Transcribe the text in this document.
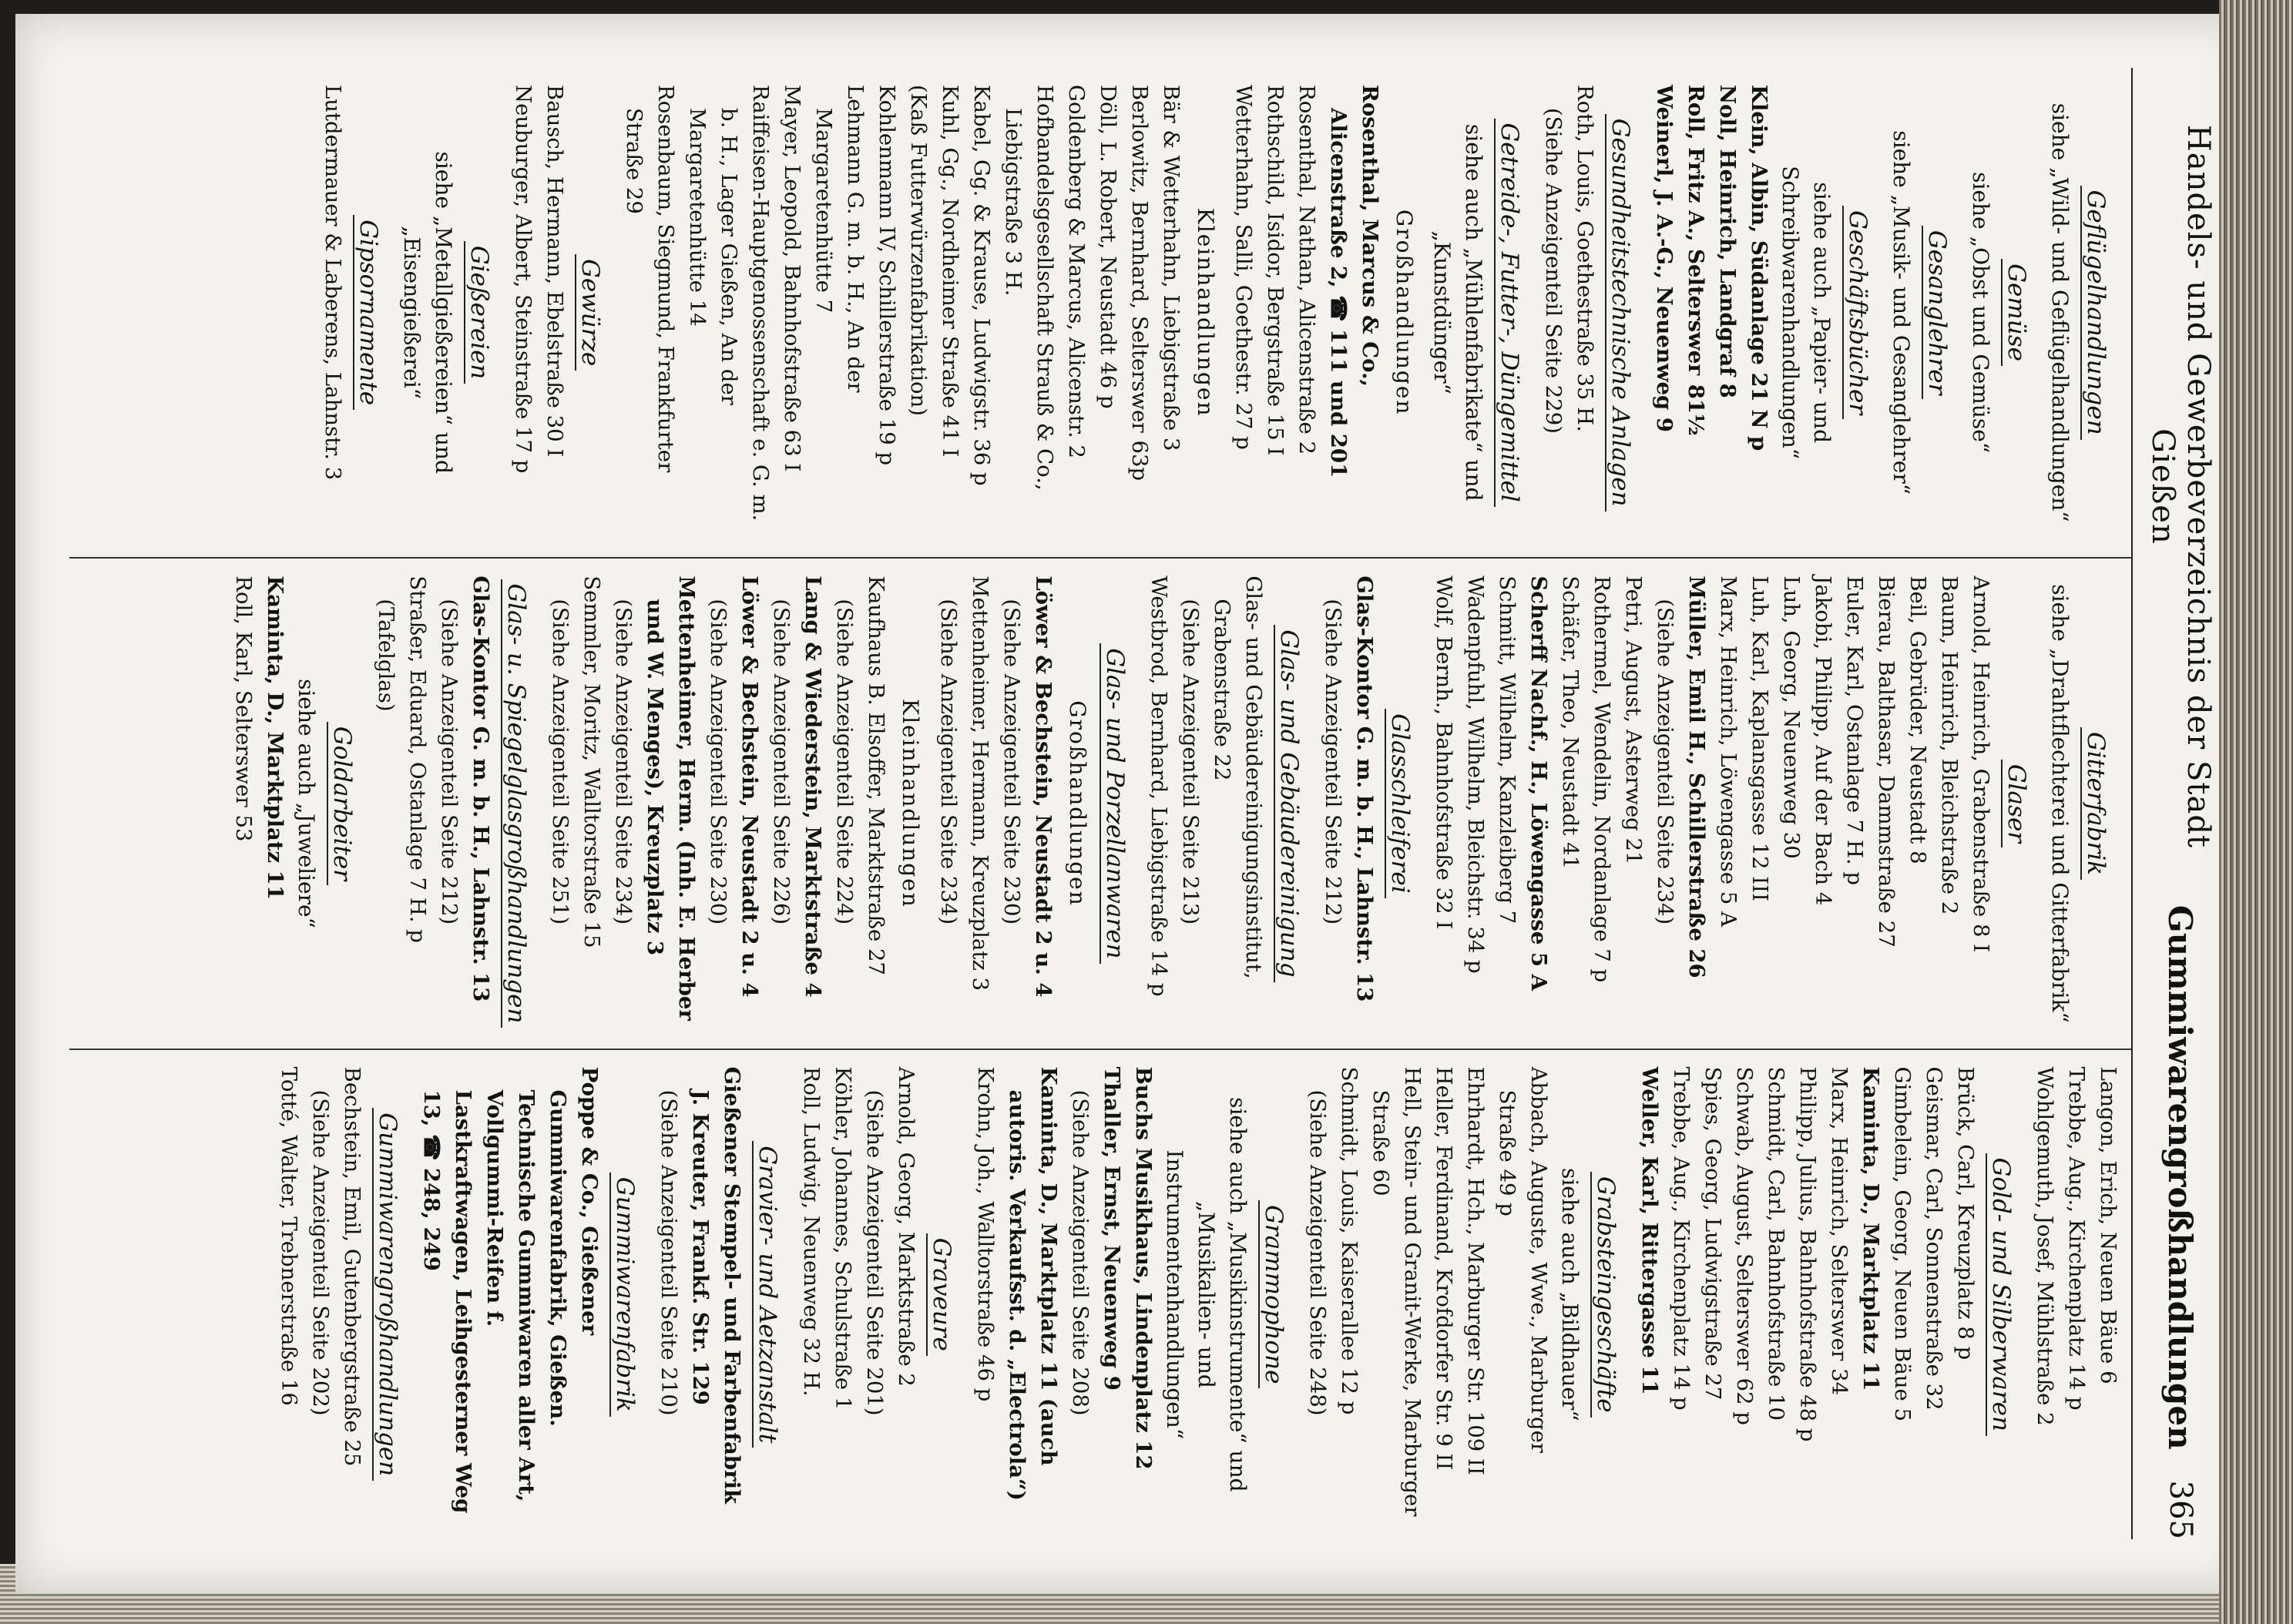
Handels- und Gewerbeverzeichnis der Stadt Gießen
Gummiwarengroßhandlungen
365
Geflügelhandlungen
siehe „Wild- und Geflügelhandlungen“
Gemüse
siehe „Obst und Gemüse“
Gesanglehrer
siehe „Musik- und Gesanglehrer“
Geschäftsbücher
siehe auch „Papier- und Schreibwarenhandlungen“
Klein, Albin, Südanlage 21 N p
Noll, Heinrich, Landgraf 8
Roll, Fritz A., Selterswег 81½
Weinerl, J. A.-G., Neuenweg 9
Gesundheitstechnische Anlagen
Roth, Louis, Goethestraße 35 H.
(Siehe Anzeigenteil Seite 229)
Getreide-, Futter-, Düngemittel
siehe auch „Mühlenfabrikate“ und „Kunstdünger“
Großhandlungen
Rosenthal, Marcus & Co., Alicenstraße 2, ☎ 111 und 201
Rosenthal, Nathan, Alicenstraße 2
Rothschild, Isidor, Bergstraße 15 I
Wetterhahn, Salli, Goethestr. 27 p
Kleinhandlungen
Bär & Wetterhahn, Liebigstraße 3
Berlowitz, Bernhard, Selterswег 63p
Döll, L. Robert, Neustadt 46 p
Goldenberg & Marcus, Alicenstr. 2
Hofbandelsgesellschaft Strauß & Co., Liebigstraße 3 H.
Kabel, Gg. & Krause, Ludwigstr. 36 p
Kuhl, Gg., Nordheimer Straße 41 I
(Kaß Futterwürzenfabrikation)
Kohlenmann IV, Schillerstraße 19 p
Lehmann G. m. b. H., An der Margaretenhütte 7
Mayer, Leopold, Bahnhofstraße 63 I
Raiffeisen-Hauptgenossenschaft e. G. m. b. H., Lager Gießen, An der Margaretenhütte 14
Rosenbaum, Siegmund, Frankfurter Straße 29
Gewürze
Bausch, Hermann, Ebelstraße 30 I
Neuburger, Albert, Steinstraße 17 p
Gießereien
siehe „Metallgießereien“ und „Eisengießerei“
Gipsornamente
Lutdermauer & Laberens, Lahnstr. 3
Gitterfabrik
siehe „Drahtflechterei und Gitterfabrik“
Glaser
Arnold, Heinrich, Grabenstraße 8 I
Baum, Heinrich, Bleichstraße 2
Beil, Gebrüder, Neustadt 8
Bierau, Balthasar, Dammstraße 27
Euler, Karl, Ostanlage 7 H. p
Jakobi, Philipp, Auf der Bach 4
Luh, Georg, Neuenweg 30
Luh, Karl, Kaplansgasse 12 III
Marx, Heinrich, Löwengasse 5 A
Müller, Emil H., Schillerstraße 26
(Siehe Anzeigenteil Seite 234)
Petri, August, Asterweg 21
Rothermel, Wendelin, Nordanlage 7 p
Schäfer, Theo, Neustadt 41
Scherff Nachf., H., Löwengasse 5 A
Schmitt, Wilhelm, Kanzleiberg 7
Wadenpfuhl, Wilhelm, Bleichstr. 34 p
Wolf, Bernh., Bahnhofstraße 32 I
Glasschleiferei
Glas-Kontor G. m. b. H., Lahnstr. 13
(Siehe Anzeigenteil Seite 212)
Glas- und Gebäudereinigung
Glas- und Gebäudereinigungsinstitut, Grabenstraße 22
(Siehe Anzeigenteil Seite 213)
Westbrod, Bernhard, Liebigstraße 14 p
Glas- und Porzellanwaren
Großhandlungen
Löwer & Bechstein, Neustadt 2 u. 4
(Siehe Anzeigenteil Seite 230)
Mettenheimer, Hermann, Kreuzplatz 3
(Siehe Anzeigenteil Seite 234)
Kleinhandlungen
Kaufhaus B. Elsoffer, Marktstraße 27
(Siehe Anzeigenteil Seite 224)
Lang & Wiederstein, Marktstraße 4
(Siehe Anzeigenteil Seite 226)
Löwer & Bechstein, Neustadt 2 u. 4
(Siehe Anzeigenteil Seite 230)
Mettenheimer, Herm. (Inh. E. Herber und W. Menges), Kreuzplatz 3
(Siehe Anzeigenteil Seite 234)
Semmler, Moritz, Walltorstraße 15
(Siehe Anzeigenteil Seite 251)
Glas- u. Spiegelglasgroßhandlungen
Glas-Kontor G. m. b. H., Lahnstr. 13
(Siehe Anzeigenteil Seite 212)
Straßer, Eduard, Ostanlage 7 H. p
(Tafelglas)
Goldarbeiter
siehe auch „Juweliere“
Kaminta, D., Marktplatz 11
Roll, Karl, Selterswег 53
Langon, Erich, Neuen Bäue 6
Trebbe, Aug., Kirchenplatz 14 p
Wohlgemuth, Josef, Mühlstraße 2
Gold- und Silberwaren
Brück, Carl, Kreuzplatz 8 p
Geismar, Carl, Sonnenstraße 32
Gimbelein, Georg, Neuen Bäue 5
Kaminta, D., Marktplatz 11
Marx, Heinrich, Selterswег 34
Philipp, Julius, Bahnhofstraße 48 p
Schmidt, Carl, Bahnhofstraße 10
Schwab, August, Selterswег 62 p
Spies, Georg, Ludwigstraße 27
Trebbe, Aug., Kirchenplatz 14 p
Weller, Karl, Rittergasse 11
Grabsteingeschäfte
siehe auch „Bildhauer“
Abbach, Auguste, Wwe., Marburger Straße 49 p
Ehrhardt, Hch., Marburger Str. 109 II
Heller, Ferdinand, Krofdorfer Str. 9 II
Hell, Stein- und Granit-Werke, Marburger Straße 60
Schmidt, Louis, Kaiserallee 12 p
(Siehe Anzeigenteil Seite 248)
Grammophone
siehe auch „Musikinstrumente“ und „Musikalien- und Instrumentenhandlungen“
Buchs Musikhaus, Lindenplatz 12
Thaller, Ernst, Neuenweg 9
(Siehe Anzeigenteil Seite 208)
Kaminta, D., Marktplatz 11 (auch autoris. Verkaufsst. d. „Electrola“)
Krohn, Joh., Walltorstraße 46 p
Graveure
Arnold, Georg, Marktstraße 2
(Siehe Anzeigenteil Seite 201)
Köhler, Johannes, Schulstraße 1
Roll, Ludwig, Neuenweg 32 H.
Gravier- und Aetzanstalt
Gießener Stempel- und Farbenfabrik J. Kreuter, Frankf. Str. 129
(Siehe Anzeigenteil Seite 210)
Gummiwarenfabrik
Poppe & Co., Gießener Gummiwarenfabrik, Gießen. Technische Gummiwaren aller Art, Vollgummi-Reifen f. Lastkraftwagen, Leihgesterner Weg 13, ☎ 248, 249
Gummiwarengroßhandlungen
Bechstein, Emil, Gutenbergstraße 25
(Siehe Anzeigenteil Seite 202)
Totté, Walter, Trebnerstraße 16
